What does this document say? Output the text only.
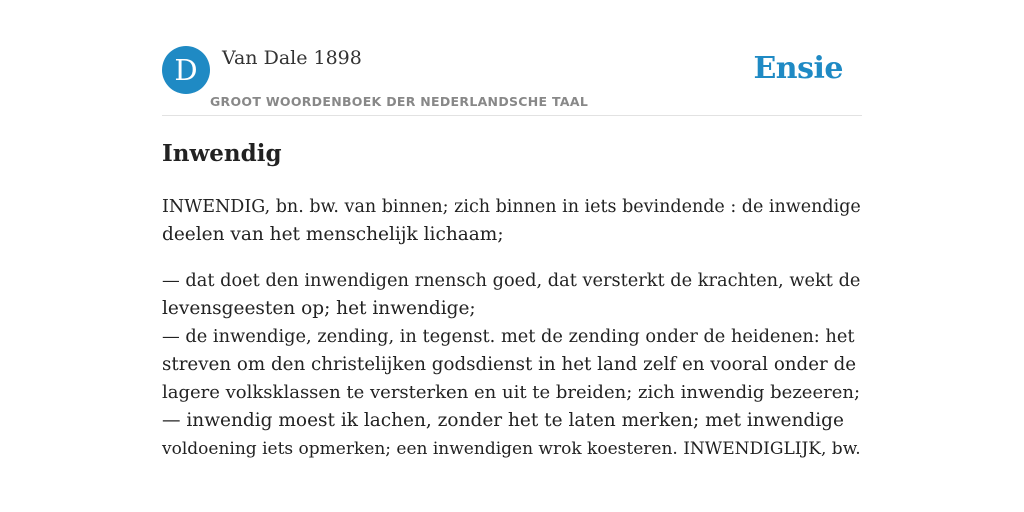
D	Van Dale 1898
GROOT WOORDENBOEK DER NEDERLANDSCHE TAAL
Ensie
Inwendig

INWENDIG, bn. bw. van binnen; zich binnen in iets bevindende : de inwendige
deelen van het menschelijk lichaam;

— dat doet den inwendigen rnensch goed, dat versterkt de krachten, wekt de
levensgeesten op; het inwendige;
— de inwendige, zending, in tegenst. met de zending onder de heidenen: het
streven om den christelijken godsdienst in het land zelf en vooral onder de
lagere volksklassen te versterken en uit te breiden; zich inwendig bezeeren;
— inwendig moest ik lachen, zonder het te laten merken; met inwendige
voldoening iets opmerken; een inwendigen wrok koesteren. INWENDIGLIJK, bw.
